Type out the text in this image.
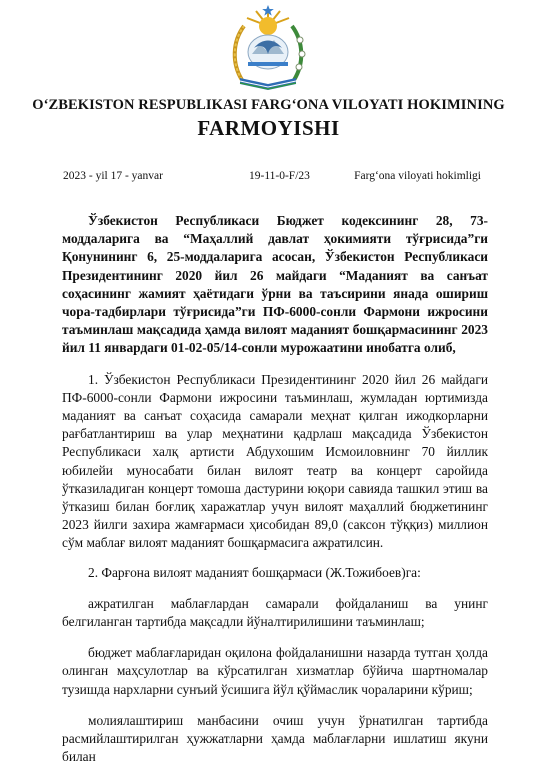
O‘ZBEKISTON RESPUBLIKASI FARG‘ONA VILOYATI HOKIMINING
FARMOYISHI
2023 - yil 17 - yanvar	19-11-0-F/23	Farg‘ona viloyati hokimligi

Ўзбекистон Республикаси Бюджет кодексининг 28, 73-моддаларига ва “Маҳаллий давлат ҳокимияти тўғрисида”ги Қонунининг 6, 25-моддаларига асосан, Ўзбекистон Республикаси Президентининг 2020 йил 26 майдаги “Маданият ва санъат соҳасининг жамият ҳаётидаги ўрни ва таъсирини янада ошириш чора-тадбирлари тўғрисида”ги ПФ-6000-сонли Фармони ижросини таъминлаш мақсадида ҳамда вилоят маданият бошқармасининг 2023 йил 11 январдаги 01-02-05/14-сонли мурожаатини инобатга олиб,

1. Ўзбекистон Республикаси Президентининг 2020 йил 26 майдаги ПФ-6000-сонли Фармони ижросини таъминлаш, жумладан юртимизда маданият ва санъат соҳасида самарали меҳнат қилган ижодкорларни рағбатлантириш ва улар меҳнатини қадрлаш мақсадида Ўзбекистон Республикаси халқ артисти Абдухошим Исмоиловнинг 70 йиллик юбилейи муносабати билан вилоят театр ва концерт саройида ўтказиладиган концерт томоша дастурини юқори савияда ташкил этиш ва ўтказиш билан боғлиқ харажатлар учун вилоят маҳаллий бюджетининг 2023 йилги захира жамғармаси ҳисобидан 89,0 (саксон тўққиз) миллион сўм маблағ вилоят маданият бошқармасига ажратилсин.

2. Фарғона вилоят маданият бошқармаси (Ж.Тожибоев)га:

ажратилган маблағлардан самарали фойдаланиш ва унинг белгиланган тартибда мақсадли йўналтирилишини таъминлаш;

бюджет маблағларидан оқилона фойдаланишни назарда тутган ҳолда олинган маҳсулотлар ва кўрсатилган хизматлар бўйича шартномалар тузишда нархларни сунъий ўсишига йўл қўймаслик чораларини кўриш;

молиялаштириш манбасини очиш учун ўрнатилган тартибда расмийлаштирилган ҳужжатларни ҳамда маблағларни ишлатиш якуни билан
